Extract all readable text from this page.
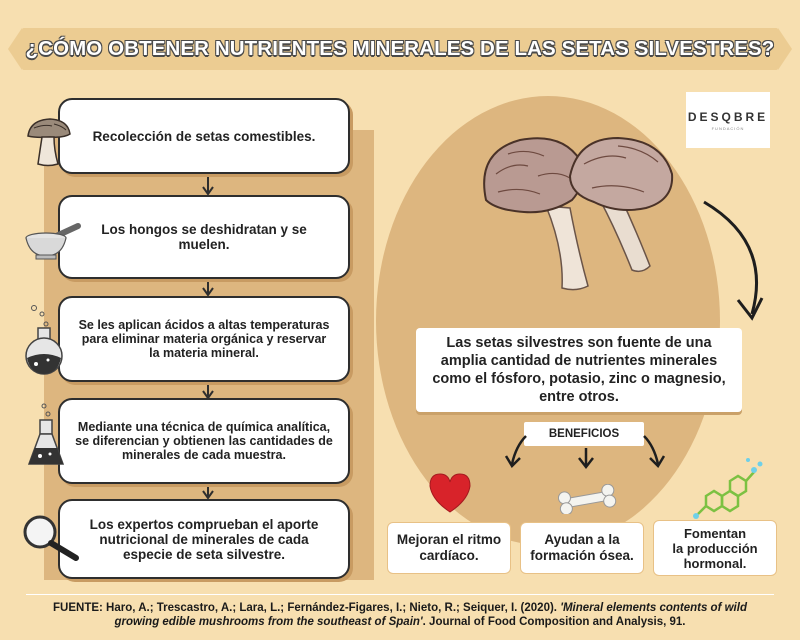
¿CÓMO OBTENER NUTRIENTES MINERALES DE LAS SETAS SILVESTRES?
DESQBRE
FUNDACIÓN
Recolección de setas comestibles.
Los hongos se deshidratan y se
muelen.
Se les aplican ácidos a altas temperaturas
para eliminar materia orgánica y reservar
la materia mineral.
Mediante una técnica de química analítica,
se diferencian y obtienen las cantidades de
minerales de cada muestra.
Los expertos comprueban el aporte
nutricional de minerales de cada
especie de seta silvestre.
Las setas silvestres son fuente de una
amplia cantidad de nutrientes minerales
como el fósforo, potasio, zinc o magnesio,
entre otros.
BENEFICIOS
Mejoran el ritmo
cardíaco.
Ayudan a la
formación ósea.
Fomentan
la producción
hormonal.
FUENTE: Haro, A.; Trescastro, A.; Lara, L.; Fernández-Figares, I.; Nieto, R.; Seiquer, I. (2020). 'Mineral elements contents of wild growing edible mushrooms from the southeast of Spain'. Journal of Food Composition and Analysis, 91.
